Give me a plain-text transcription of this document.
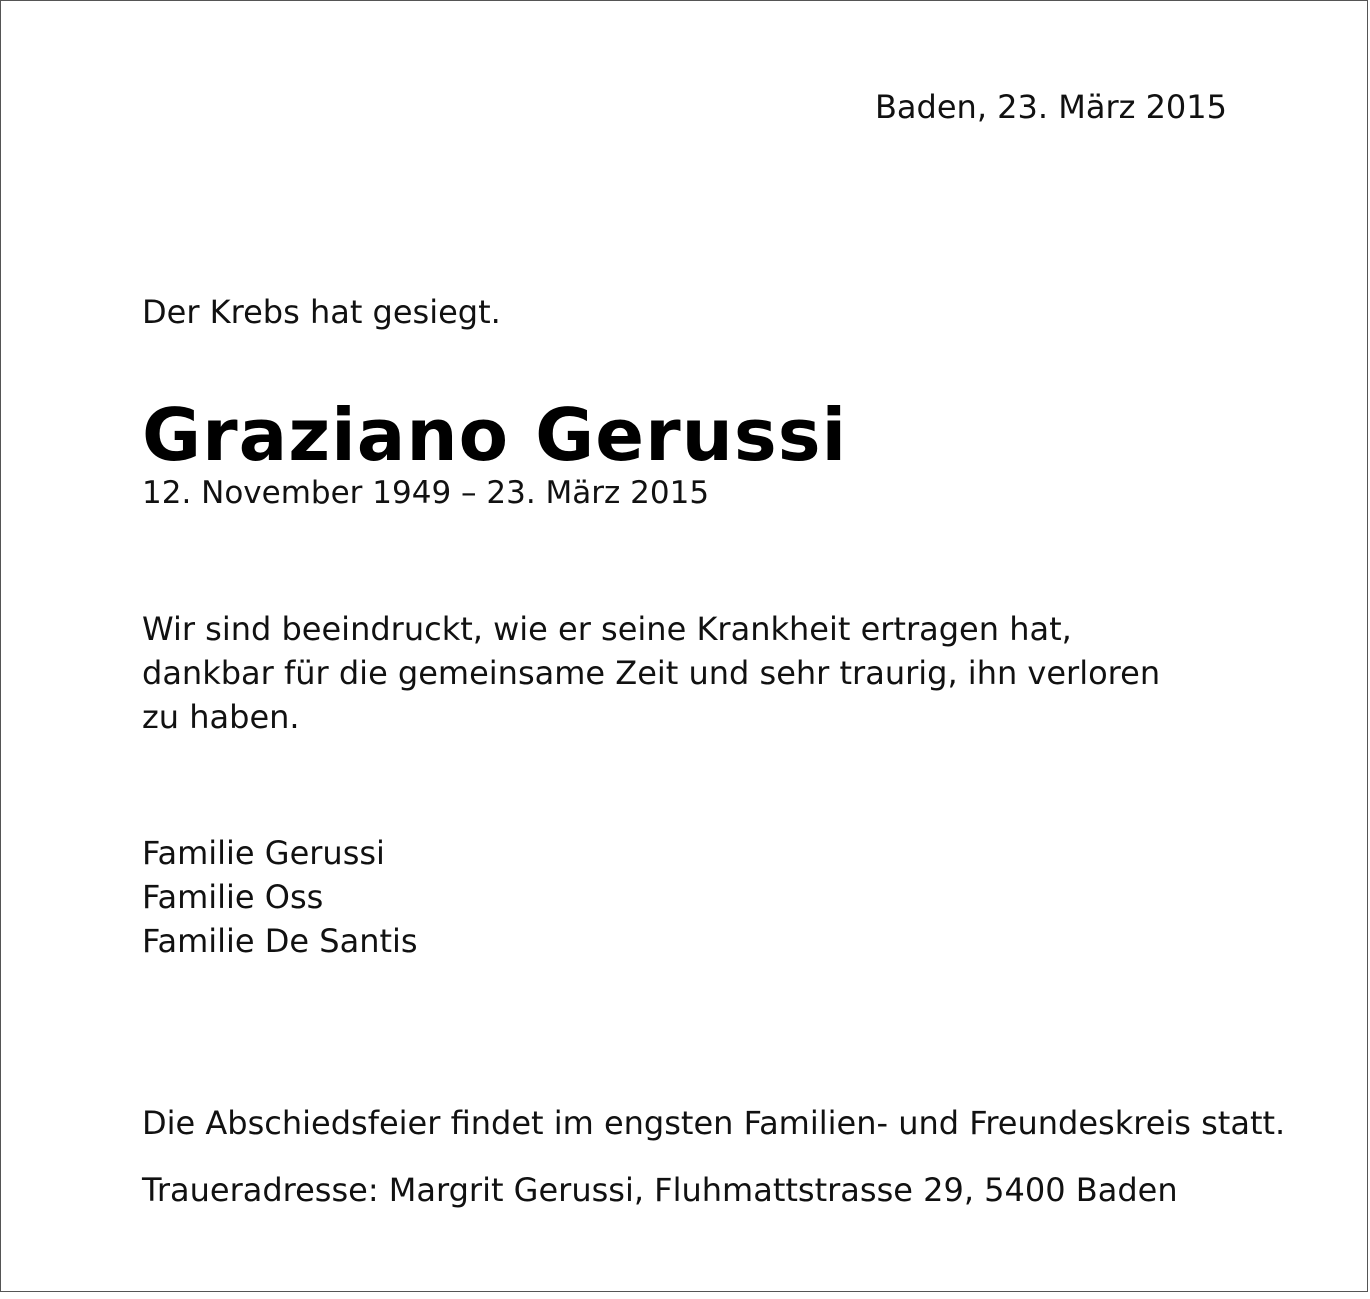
Baden, 23. März 2015

Der Krebs hat gesiegt.

Graziano Gerussi

12. November 1949 – 23. März 2015

Wir sind beeindruckt, wie er seine Krankheit ertragen hat,
dankbar für die gemeinsame Zeit und sehr traurig, ihn verloren
zu haben.

Familie Gerussi
Familie Oss
Familie De Santis

Die Abschiedsfeier findet im engsten Familien- und Freundeskreis statt.

Traueradresse: Margrit Gerussi, Fluhmattstrasse 29, 5400 Baden
